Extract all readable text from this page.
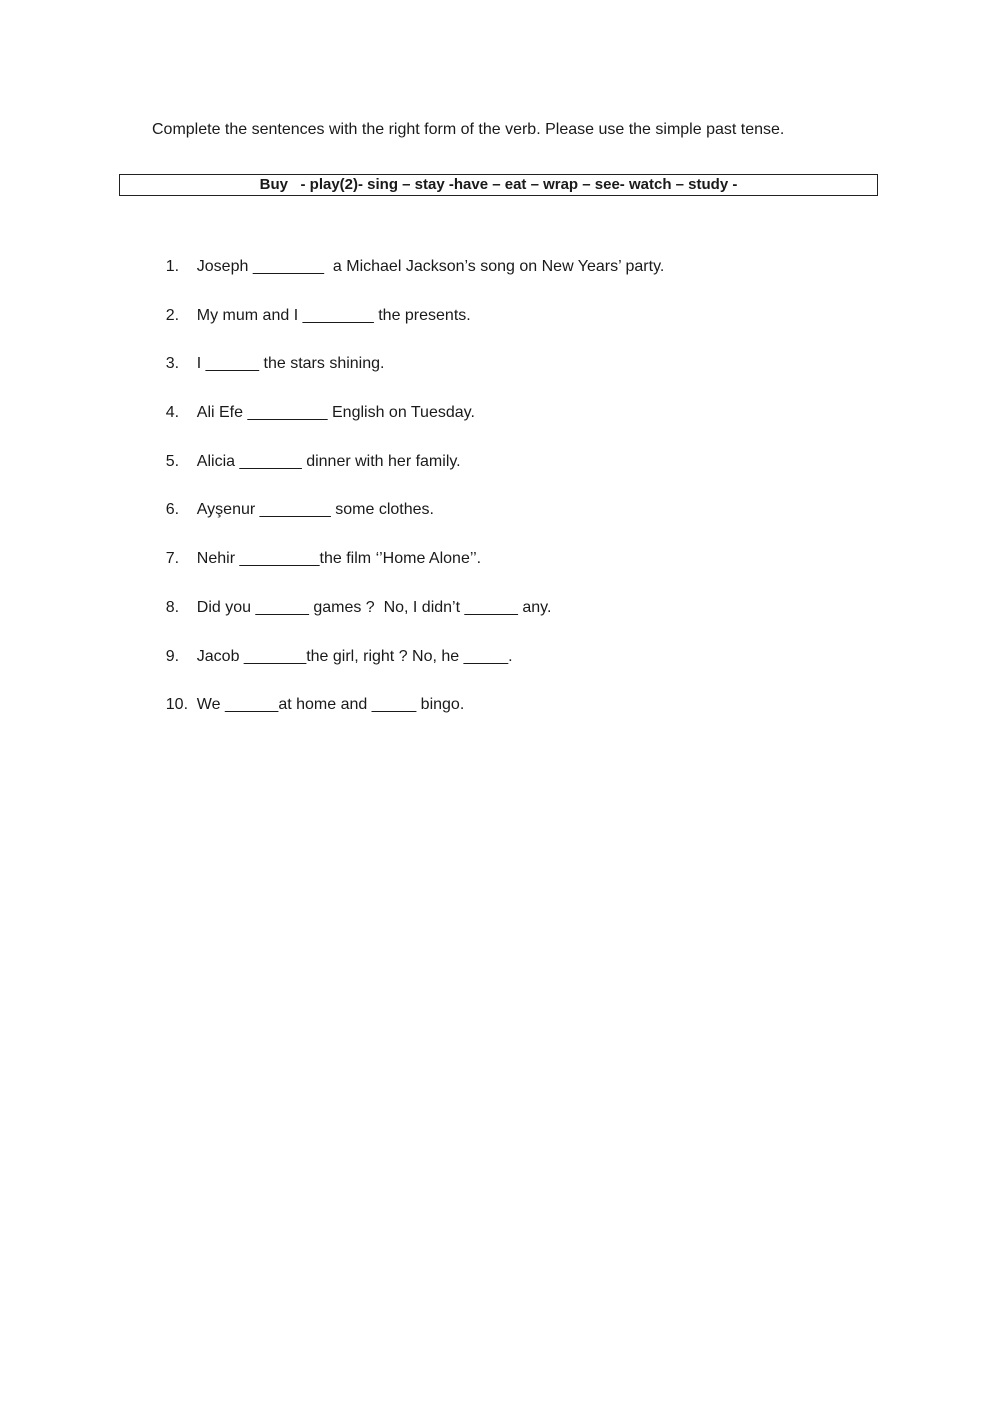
Complete the sentences with the right form of the verb. Please use the simple past tense.
Buy   - play(2)- sing – stay -have – eat – wrap – see- watch – study -

1. Joseph ________  a Michael Jackson’s song on New Years’ party.

2. My mum and I ________ the presents.

3. I ______ the stars shining.

4. Ali Efe _________ English on Tuesday.

5. Alicia _______ dinner with her family.

6. Ayşenur ________ some clothes.

7. Nehir _________the film ‘’Home Alone’’.

8. Did you ______ games ?  No, I didn’t ______ any.

9. Jacob _______the girl, right ? No, he _____.

10. We ______at home and _____ bingo.
